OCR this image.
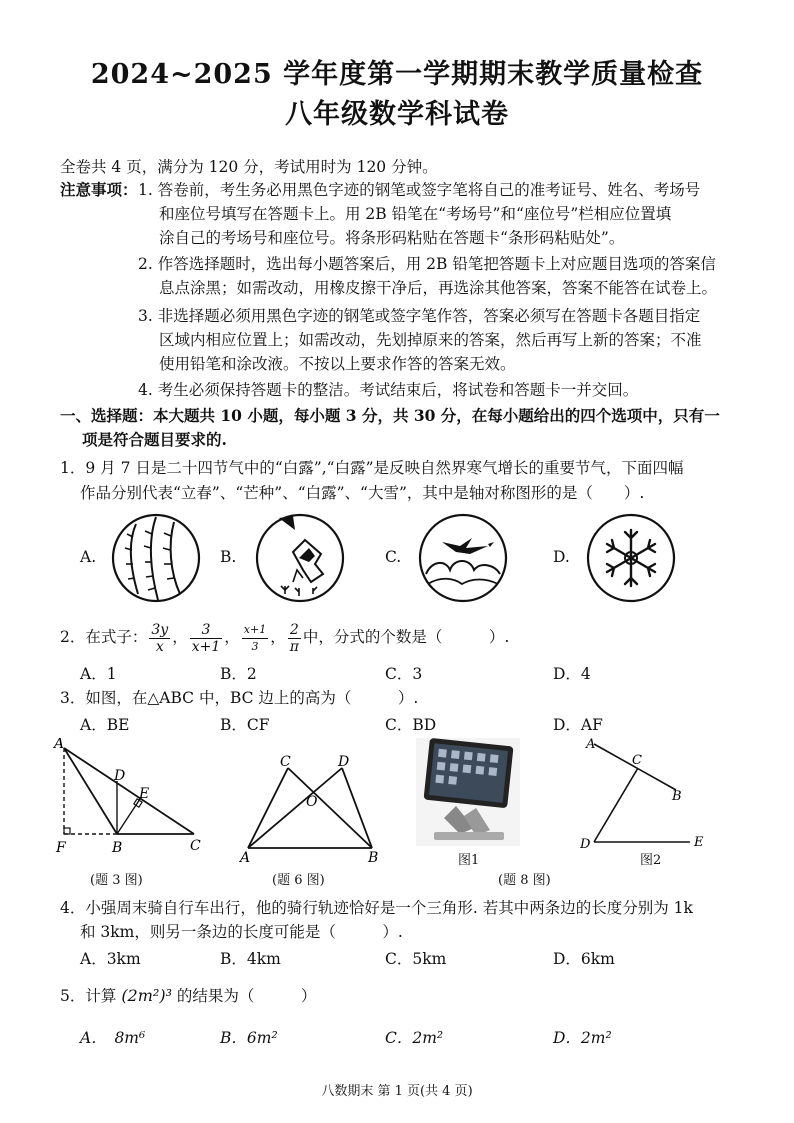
2024~2025 学年度第一学期期末教学质量检查
八年级数学科试卷
全卷共 4 页，满分为 120 分，考试用时为 120 分钟。
注意事项： 1. 答卷前，考生务必用黑色字迹的钢笔或签字笔将自己的准考证号、姓名、考场号
和座位号填写在答题卡上。用 2B 铅笔在“考场号”和“座位号”栏相应位置填
涂自己的考场号和座位号。将条形码粘贴在答题卡“条形码粘贴处”。
2. 作答选择题时，选出每小题答案后，用 2B 铅笔把答题卡上对应题目选项的答案信
息点涂黑；如需改动，用橡皮擦干净后，再选涂其他答案，答案不能答在试卷上。
3. 非选择题必须用黑色字迹的钢笔或签字笔作答，答案必须写在答题卡各题目指定
区域内相应位置上；如需改动，先划掉原来的答案，然后再写上新的答案；不准
使用铅笔和涂改液。不按以上要求作答的答案无效。
4. 考生必须保持答题卡的整洁。考试结束后，将试卷和答题卡一并交回。
一、选择题：本大题共 10 小题，每小题 3 分，共 30 分，在每小题给出的四个选项中，只有一
项是符合题目要求的.
1．9 月 7 日是二十四节气中的“白露”,“白露”是反映自然界寒气增长的重要节气，下面四幅
作品分别代表“立春”、“芒种”、“白露”、“大雪”，其中是轴对称图形的是（　　）.
A.	B.	C.	D.
2．在式子： $\frac{3y}{x}$ ， $\frac{3}{x+1}$ ， $\frac{x+1}{3}$ ， $\frac{2}{\pi}$ 中，分式的个数是（　　　）.
A．1	B．2	C．3	D．4
3．如图，在△ABC 中，BC 边上的高为（　　　）.
A．BE	B．CF	C．BD	D．AF
A
D
E
F	B	C
(题 3 图)
C	D
O
A	B
(题 6 图)
图1
A
C
B
D	E
图2
(题 8 图)
4．小强周末骑自行车出行，他的骑行轨迹恰好是一个三角形. 若其中两条边的长度分别为 1k
和 3km，则另一条边的长度可能是（　　　）.
A．3km	B．4km	C．5km	D．6km
5．计算 (2m²)³ 的结果为（　　　）
A．　8m⁶	B．6m²	C．2m²	D．2m²
八数期末 第 1 页(共 4 页)
